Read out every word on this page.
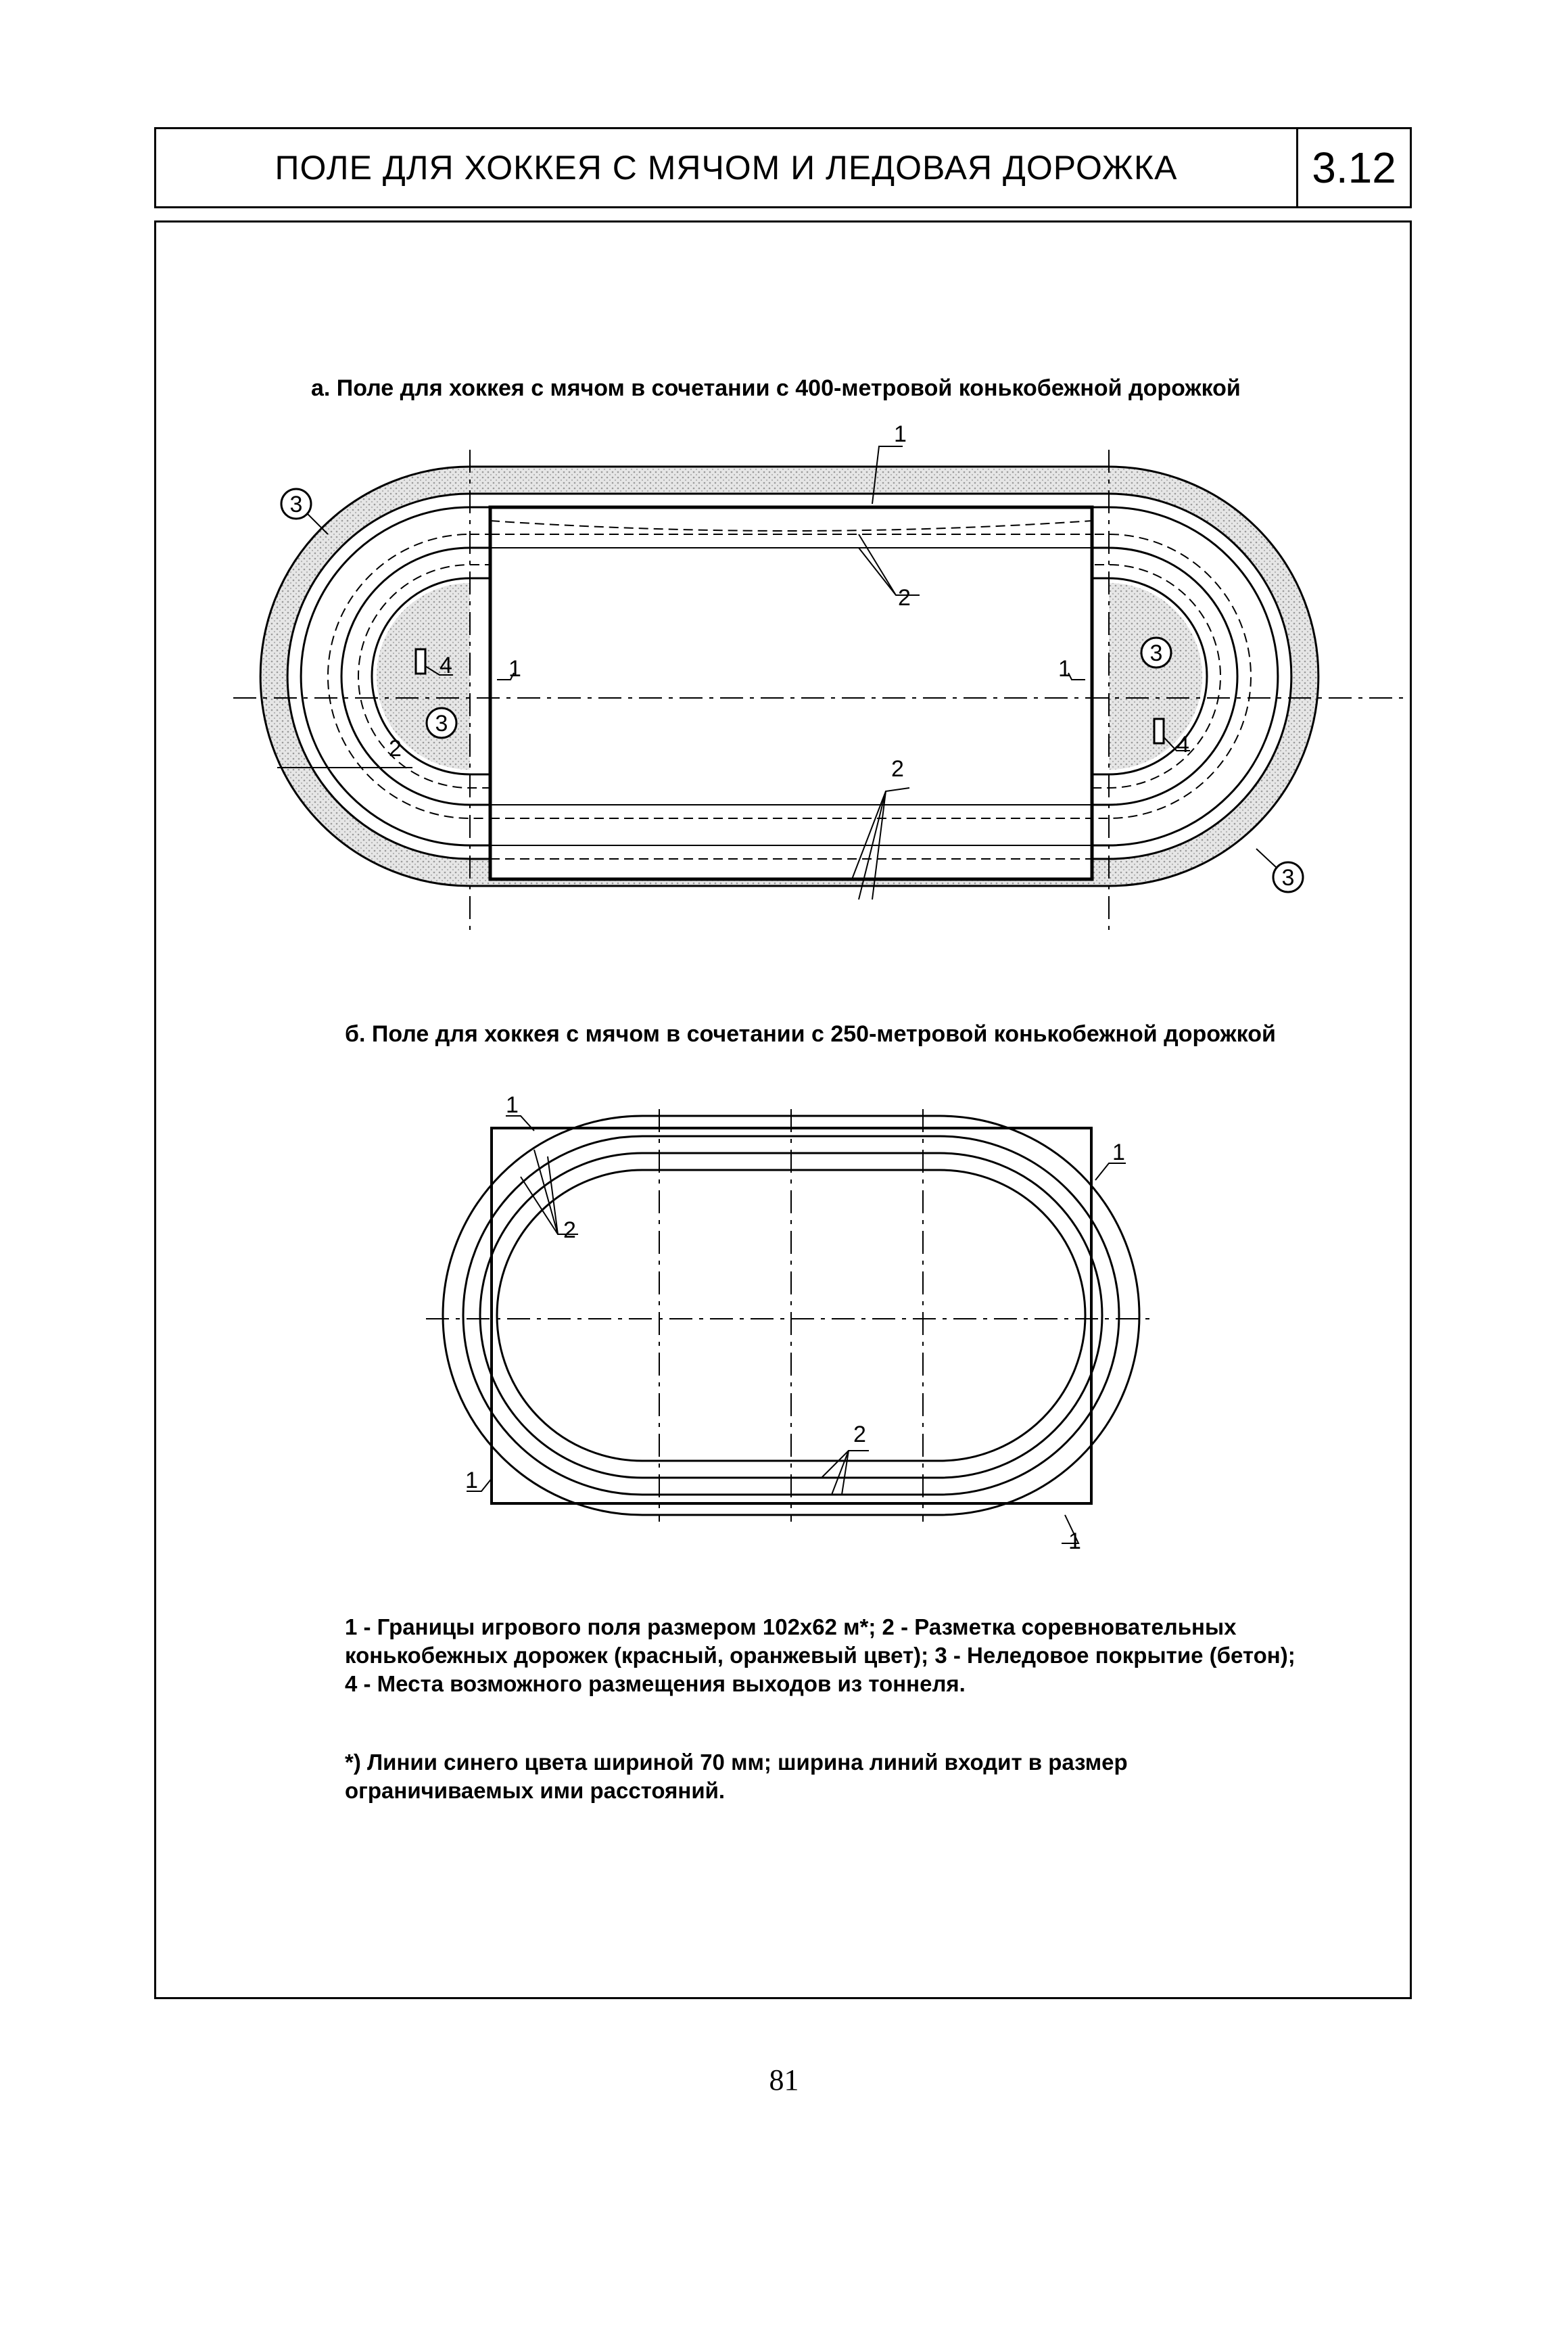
ПОЛЕ ДЛЯ ХОККЕЯ С МЯЧОМ И ЛЕДОВАЯ ДОРОЖКА	3.12
а. Поле для хоккея с мячом в сочетании с 400-метровой конькобежной дорожкой
1
2
2
1	1
4
4
2
3
3
3
3
1
1
1
1
2
2
б. Поле для хоккея с мячом в сочетании с 250-метровой конькобежной дорожкой
1 - Границы игрового поля размером 102х62 м*; 2 - Разметка соревновательных
конькобежных дорожек (красный, оранжевый цвет); 3 - Неледовое покрытие (бетон);
4 - Места возможного размещения выходов из тоннеля.
*) Линии синего цвета шириной 70 мм; ширина линий входит в размер
ограничиваемых ими расстояний.
81
